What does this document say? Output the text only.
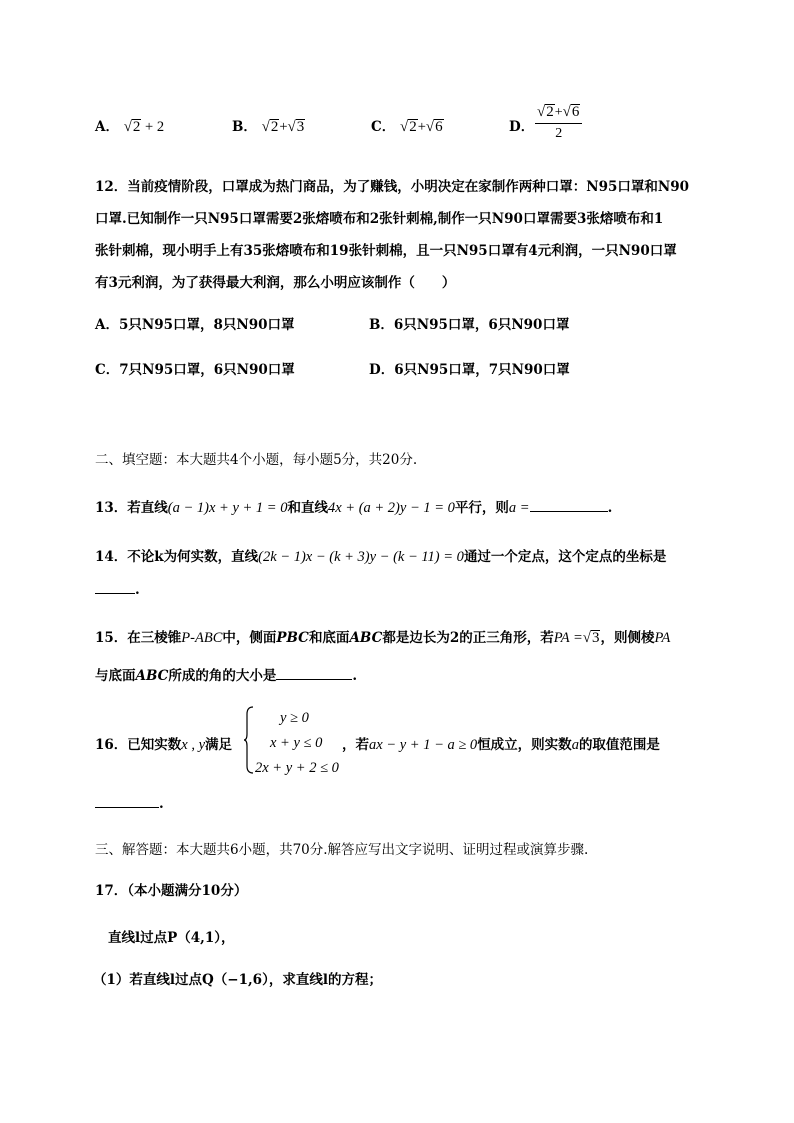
A． √2 + 2	B． √2+√3	C． √2+√6	D． $\frac{√2+√6}{2}$
12．当前疫情阶段，口罩成为热门商品，为了赚钱，小明决定在家制作两种口罩：N95口罩和N90
口罩.已知制作一只N95口罩需要2张熔喷布和2张针刺棉,制作一只N90口罩需要3张熔喷布和1
张针刺棉，现小明手上有35张熔喷布和19张针刺棉，且一只N95口罩有4元利润，一只N90口罩
有3元利润，为了获得最大利润，那么小明应该制作（　　）
A．5只N95口罩，8只N90口罩	B．6只N95口罩，6只N90口罩
C．7只N95口罩，6只N90口罩	D．6只N95口罩，7只N90口罩
二、填空题：本大题共4个小题，每小题5分，共20分.
13．若直线(a − 1)x + y + 1 = 0和直线4x + (a + 2)y − 1 = 0平行，则a =	.
14．不论k为何实数，直线(2k − 1)x − (k + 3)y − (k − 11) = 0通过一个定点，这个定点的坐标是
.
15．在三棱锥P-ABC中，侧面PBC和底面ABC都是边长为2的正三角形，若PA =√3，则侧棱PA
与底面ABC所成的角的大小是	.
16．已知实数x , y满足
y ≥ 0
x + y ≤ 0
2x + y + 2 ≤ 0
，若ax − y + 1 − a ≥ 0恒成立，则实数a的取值范围是
.
三、解答题：本大题共6小题，共70分.解答应写出文字说明、证明过程或演算步骤.
17．（本小题满分10分）
直线l过点P（4,1），
（1）若直线l过点Q（−1,6），求直线l的方程；
